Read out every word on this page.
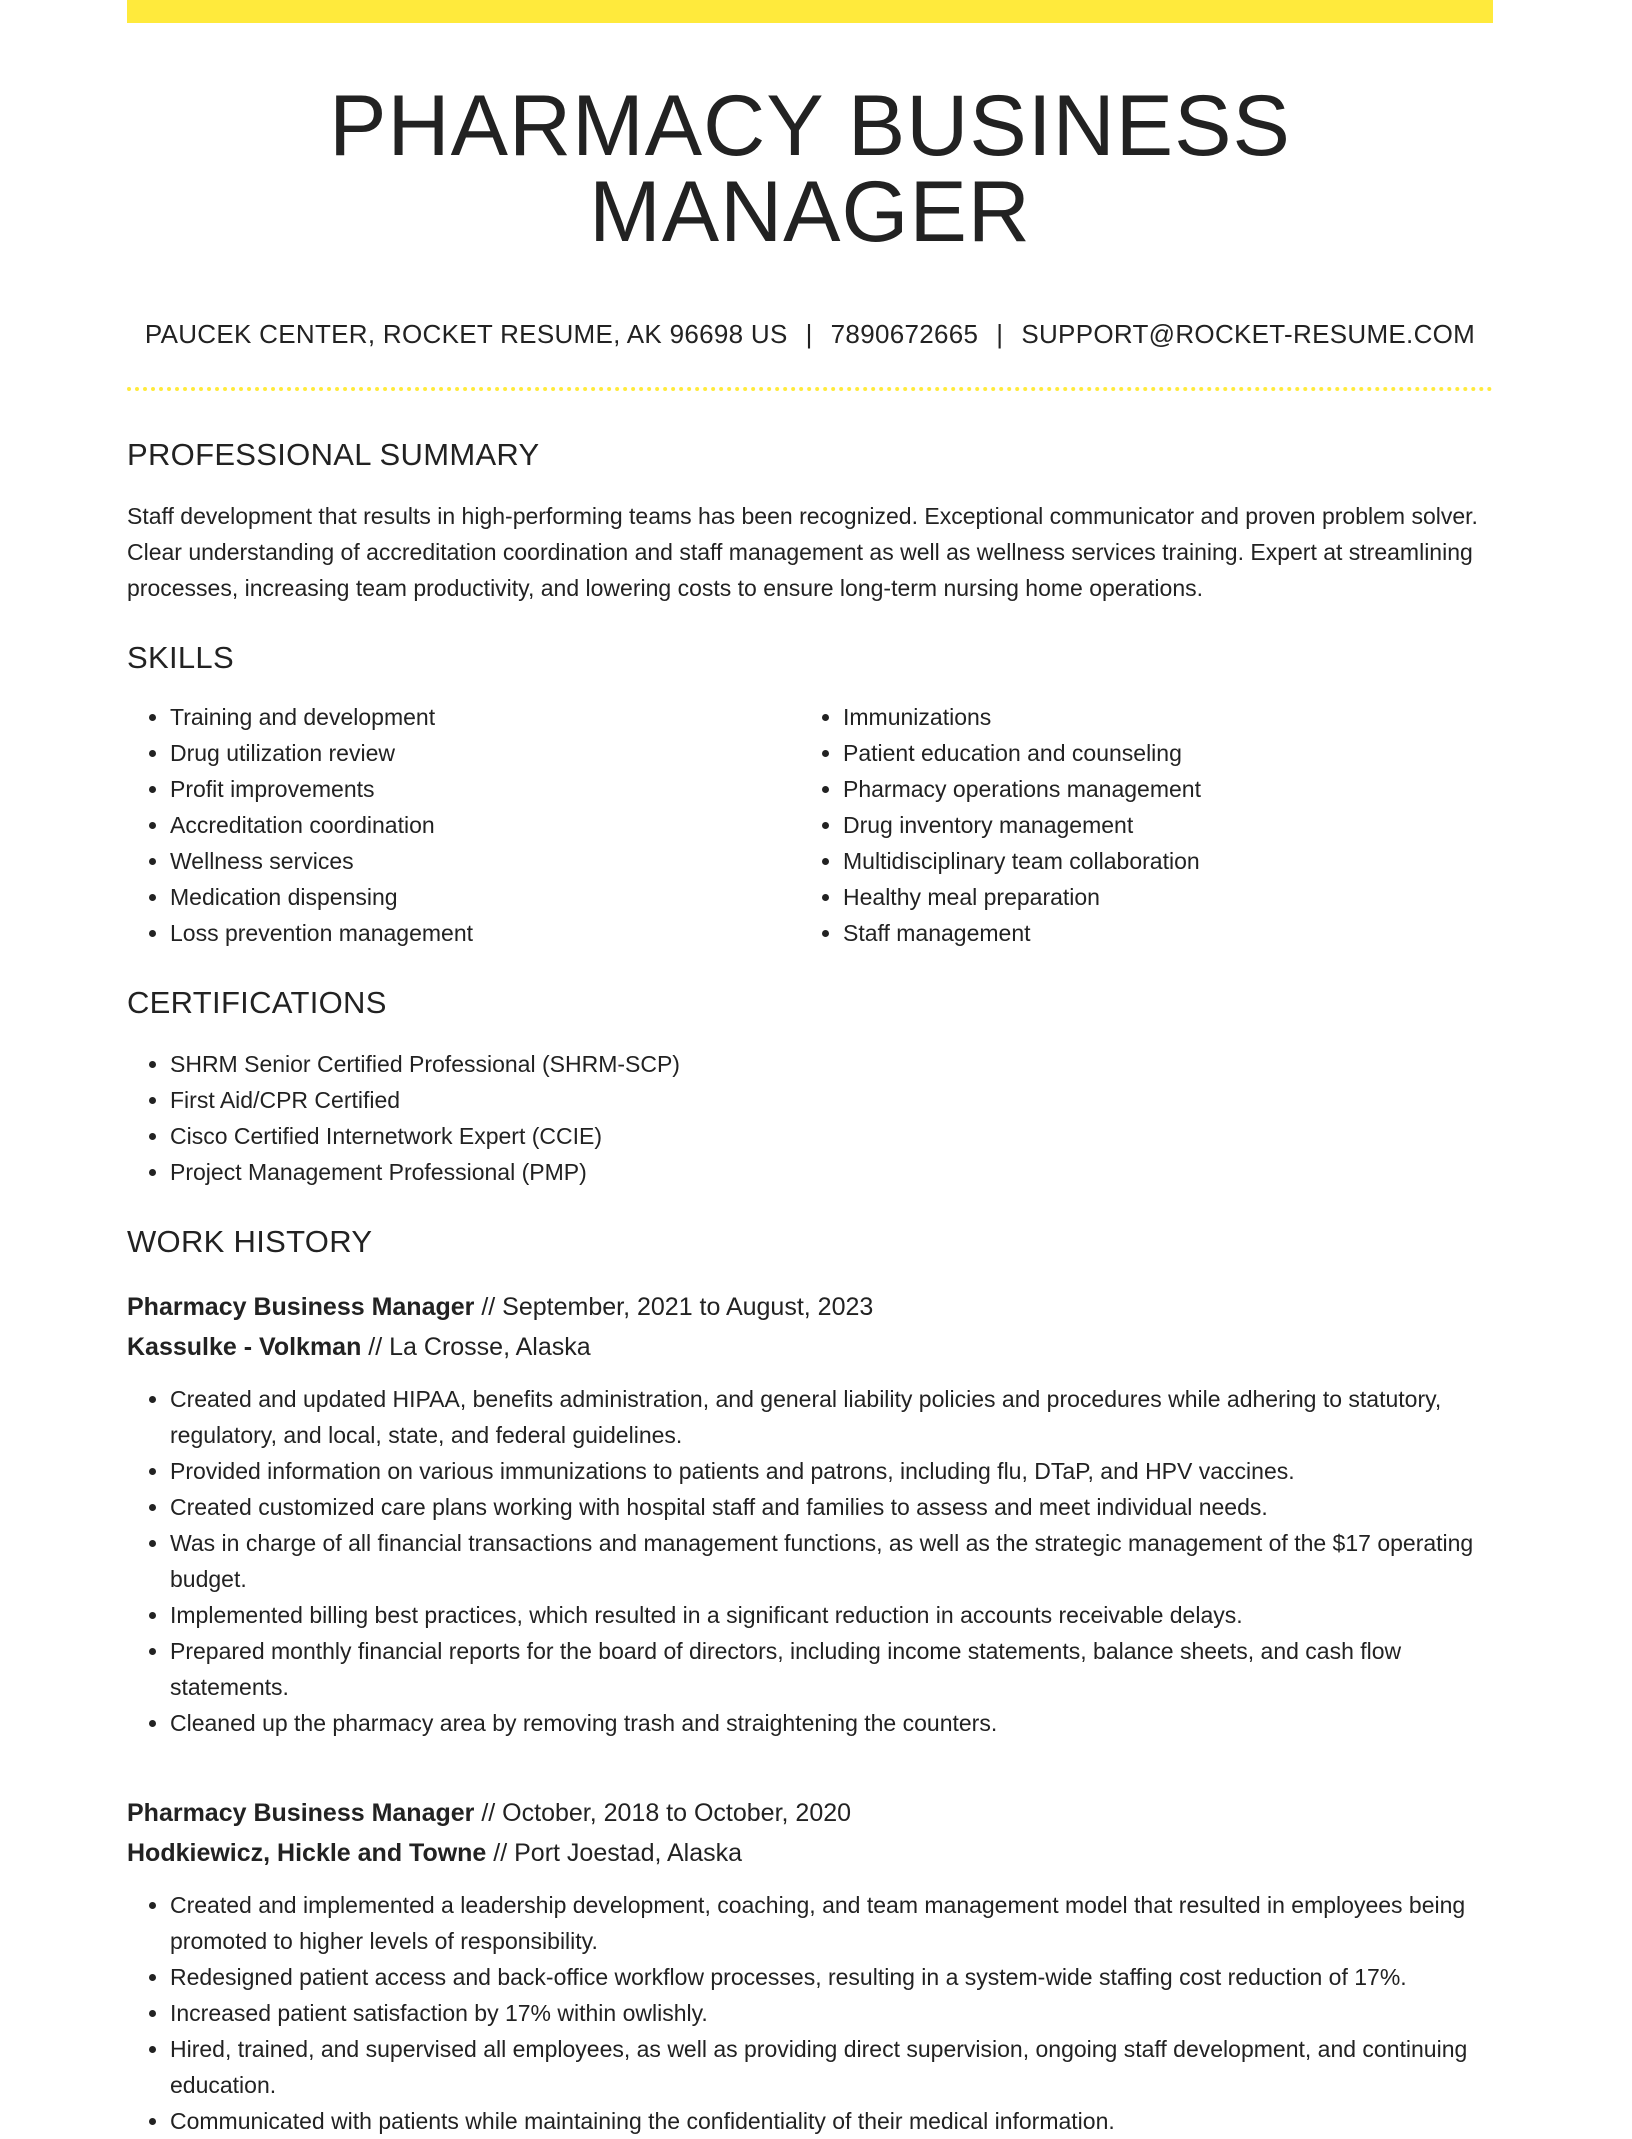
PHARMACY BUSINESS MANAGER
PAUCEK CENTER, ROCKET RESUME, AK 96698 US | 7890672665 | SUPPORT@ROCKET-RESUME.COM
PROFESSIONAL SUMMARY

Staff development that results in high-performing teams has been recognized. Exceptional communicator and proven problem solver. Clear understanding of accreditation coordination and staff management as well as wellness services training. Expert at streamlining processes, increasing team productivity, and lowering costs to ensure long-term nursing home operations.

SKILLS
• Training and development
• Drug utilization review
• Profit improvements
• Accreditation coordination
• Wellness services
• Medication dispensing
• Loss prevention management
• Immunizations
• Patient education and counseling
• Pharmacy operations management
• Drug inventory management
• Multidisciplinary team collaboration
• Healthy meal preparation
• Staff management
CERTIFICATIONS
• SHRM Senior Certified Professional (SHRM-SCP)
• First Aid/CPR Certified
• Cisco Certified Internetwork Expert (CCIE)
• Project Management Professional (PMP)
WORK HISTORY
Pharmacy Business Manager // September, 2021 to August, 2023
Kassulke - Volkman // La Crosse, Alaska
• Created and updated HIPAA, benefits administration, and general liability policies and procedures while adhering to statutory, regulatory, and local, state, and federal guidelines.
• Provided information on various immunizations to patients and patrons, including flu, DTaP, and HPV vaccines.
• Created customized care plans working with hospital staff and families to assess and meet individual needs.
• Was in charge of all financial transactions and management functions, as well as the strategic management of the $17 operating budget.
• Implemented billing best practices, which resulted in a significant reduction in accounts receivable delays.
• Prepared monthly financial reports for the board of directors, including income statements, balance sheets, and cash flow statements.
• Cleaned up the pharmacy area by removing trash and straightening the counters.
Pharmacy Business Manager // October, 2018 to October, 2020
Hodkiewicz, Hickle and Towne // Port Joestad, Alaska
• Created and implemented a leadership development, coaching, and team management model that resulted in employees being promoted to higher levels of responsibility.
• Redesigned patient access and back-office workflow processes, resulting in a system-wide staffing cost reduction of 17%.
• Increased patient satisfaction by 17% within owlishly.
• Hired, trained, and supervised all employees, as well as providing direct supervision, ongoing staff development, and continuing education.
• Communicated with patients while maintaining the confidentiality of their medical information.
